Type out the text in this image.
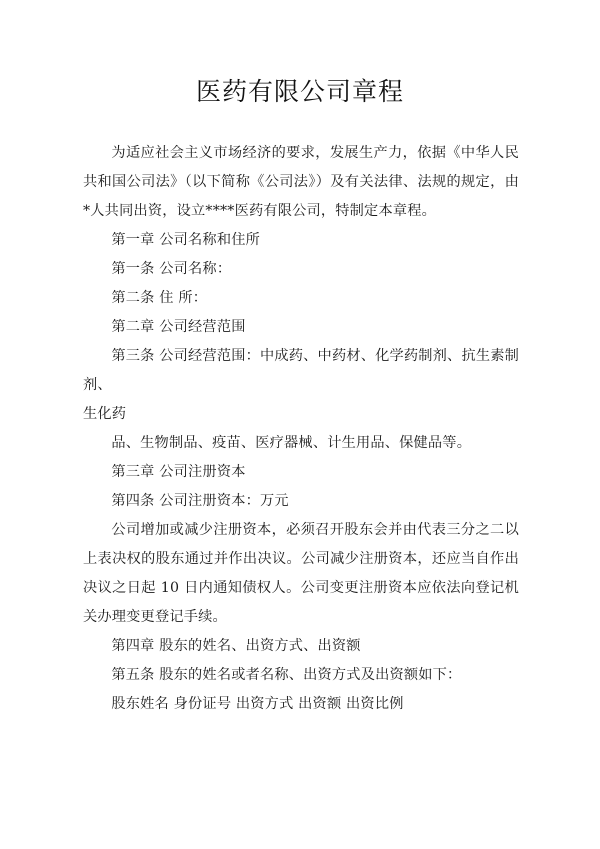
医药有限公司章程

为适应社会主义市场经济的要求，发展生产力，依据《中华人民共和国公司法》（以下简称《公司法》）及有关法律、法规的规定，由*人共同出资，设立****医药有限公司，特制定本章程。

第一章 公司名称和住所

第一条 公司名称：

第二条 住 所：

第二章 公司经营范围

第三条 公司经营范围：中成药、中药材、化学药制剂、抗生素制剂、

生化药

品、生物制品、疫苗、医疗器械、计生用品、保健品等。

第三章 公司注册资本

第四条 公司注册资本：万元

公司增加或减少注册资本，必须召开股东会并由代表三分之二以上表决权的股东通过并作出决议。公司减少注册资本，还应当自作出决议之日起 10 日内通知债权人。公司变更注册资本应依法向登记机关办理变更登记手续。

第四章 股东的姓名、出资方式、出资额

第五条 股东的姓名或者名称、出资方式及出资额如下：

股东姓名 身份证号 出资方式 出资额 出资比例
